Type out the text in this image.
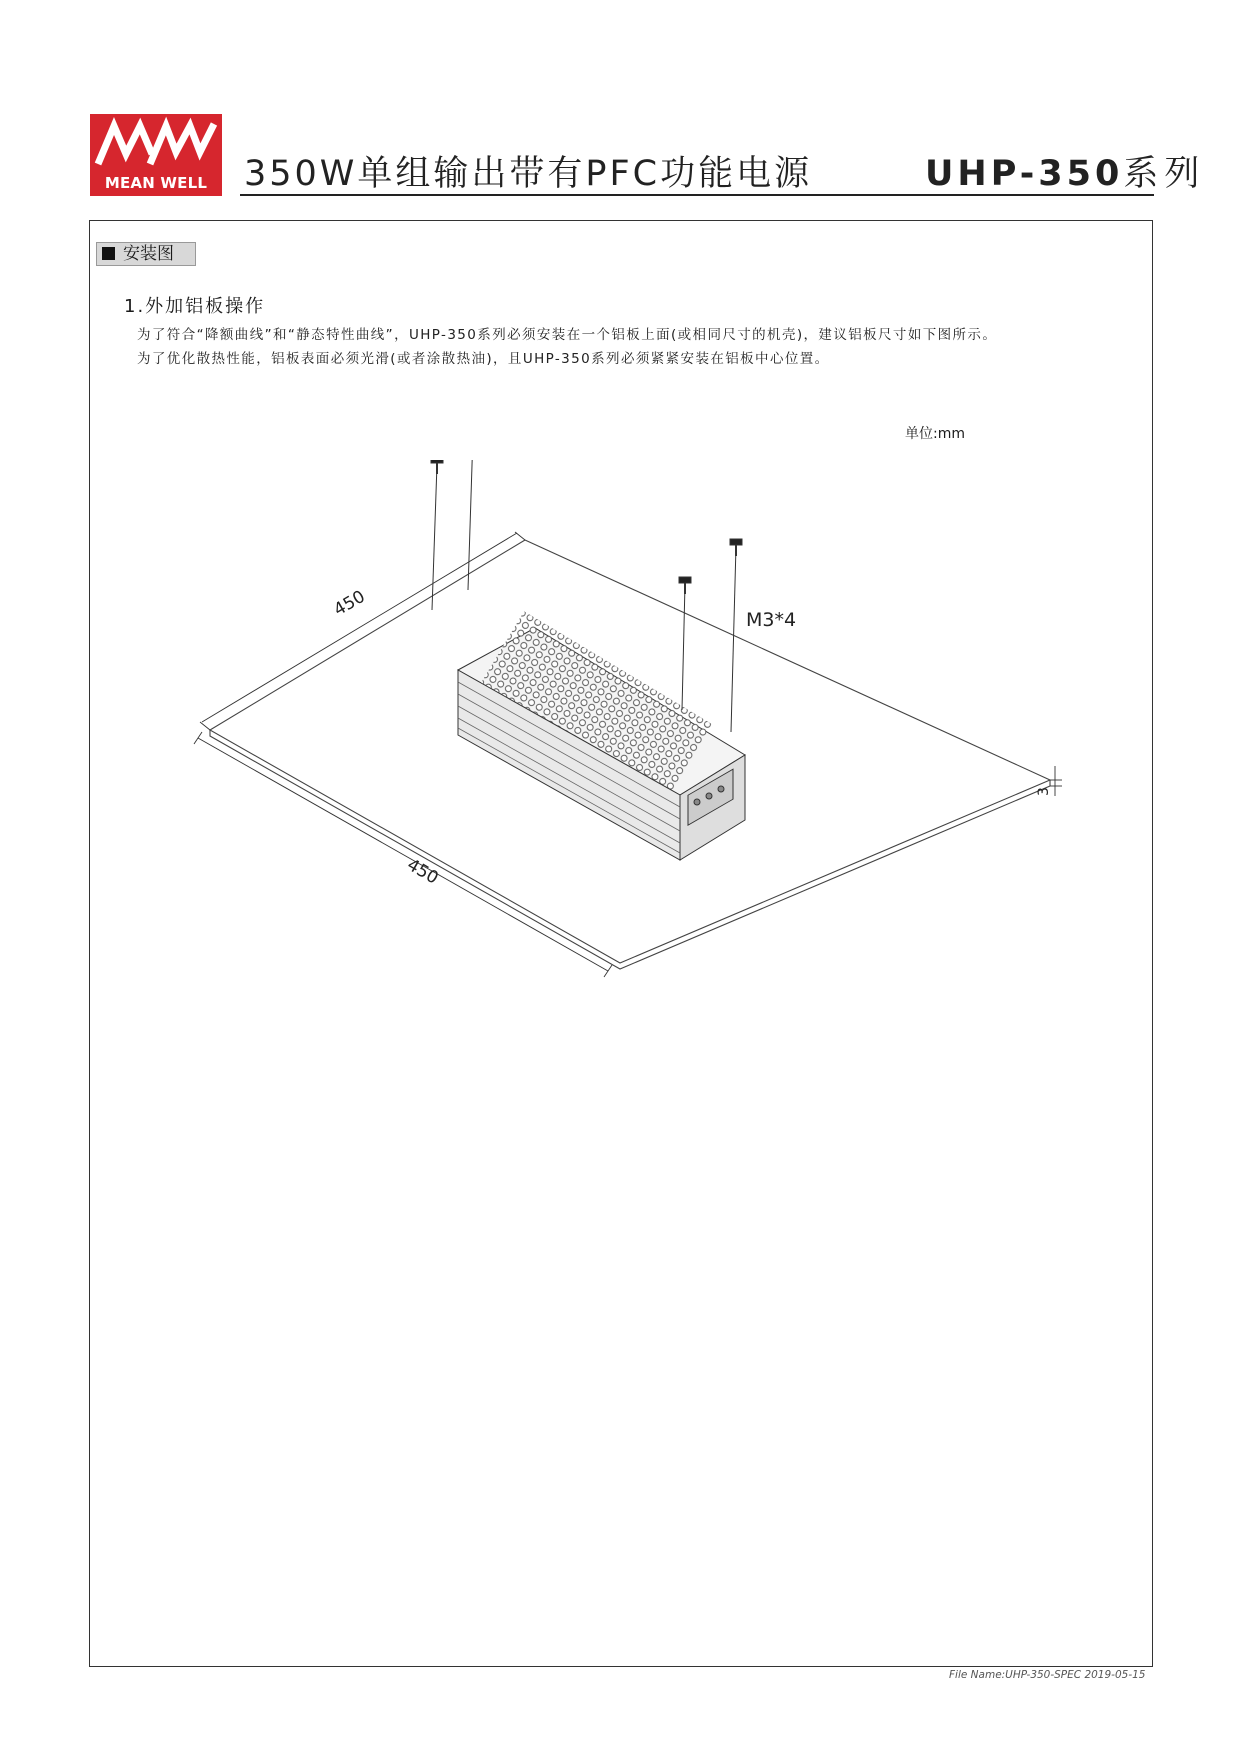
MEAN WELL	350W单组输出带有PFC功能电源	UHP-350系列
安装图
1.外加铝板操作
为了符合“降额曲线”和“静态特性曲线”，UHP-350系列必须安装在一个铝板上面(或相同尺寸的机壳)，建议铝板尺寸如下图所示。
为了优化散热性能，铝板表面必须光滑(或者涂散热油)，且UHP-350系列必须紧紧安装在铝板中心位置。
单位:mm
450
450
3
M3*4
File Name:UHP-350-SPEC 2019-05-15
